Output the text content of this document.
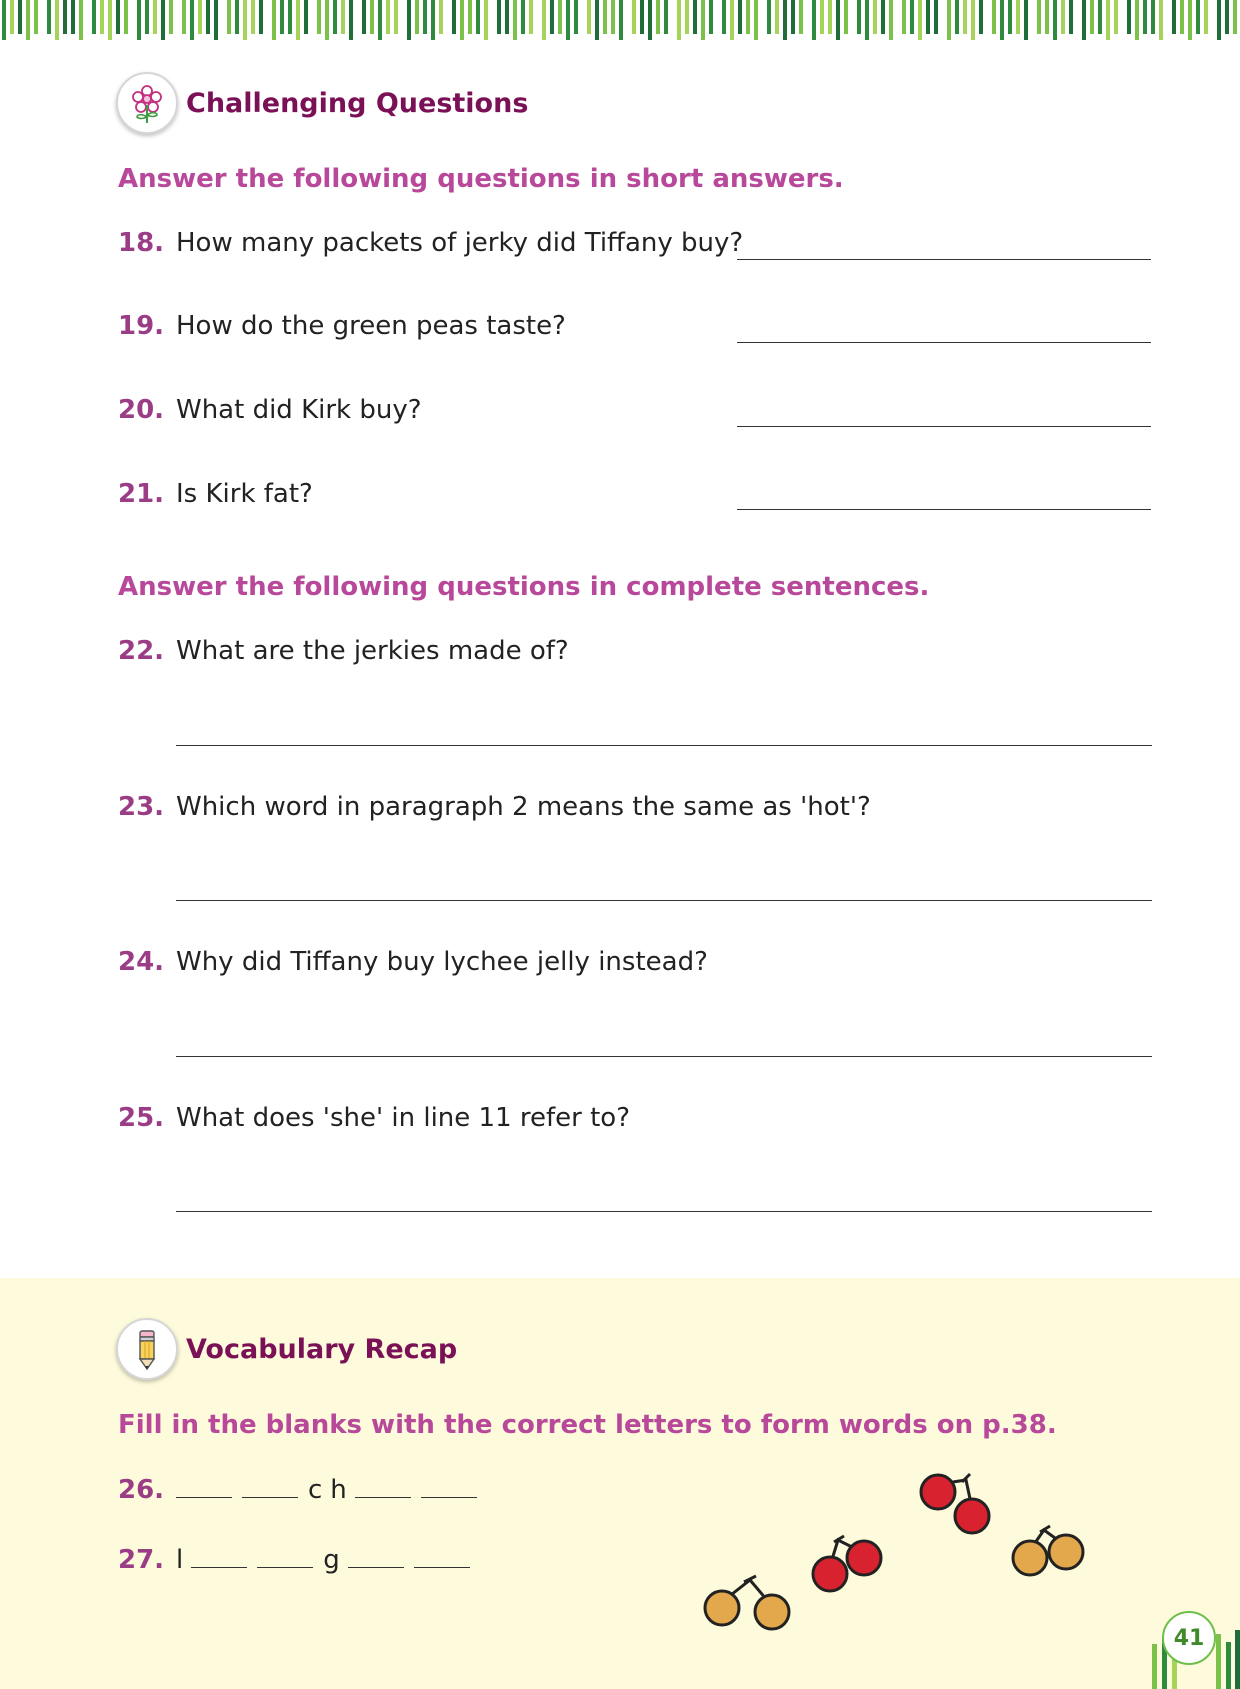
Challenging Questions
Answer the following questions in short answers.
18. How many packets of jerky did Tiffany buy?
19. How do the green peas taste?
20. What did Kirk buy?
21. Is Kirk fat?
Answer the following questions in complete sentences.
22. What are the jerkies made of?
23. Which word in paragraph 2 means the same as 'hot'?
24. Why did Tiffany buy lychee jelly instead?
25. What does 'she' in line 11 refer to?
Vocabulary Recap
Fill in the blanks with the correct letters to form words on p.38.
26.	c h
27. l	g
41
